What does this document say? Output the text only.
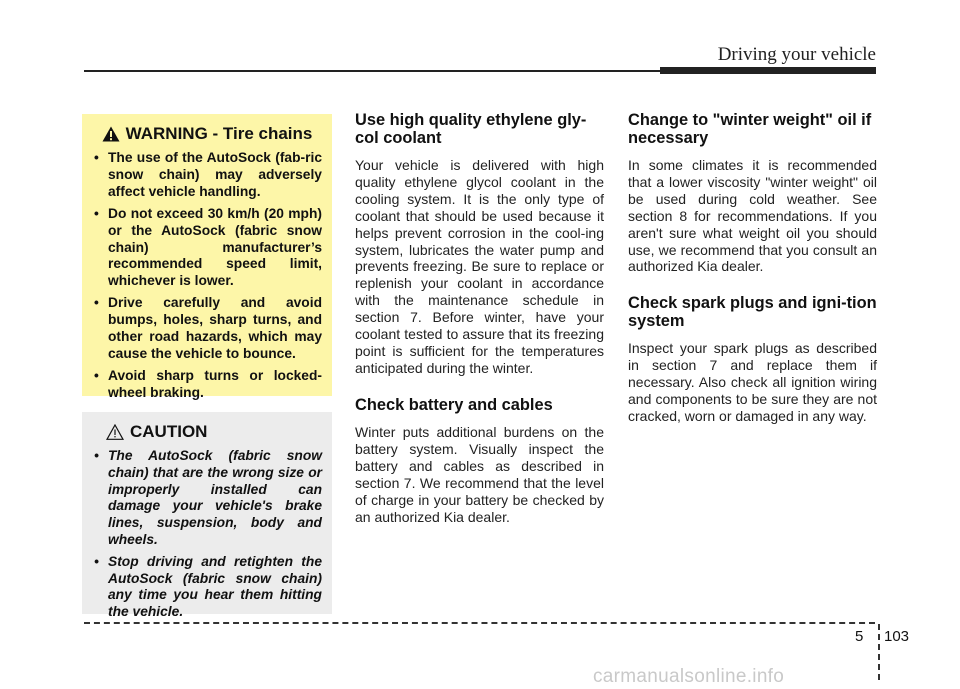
Driving your vehicle
WARNING - Tire chains
• The use of the AutoSock (fab-ric snow chain) may adversely affect vehicle handling.
• Do not exceed 30 km/h (20 mph) or the AutoSock (fabric snow chain) manufacturer’s recommended speed limit, whichever is lower.
• Drive carefully and avoid bumps, holes, sharp turns, and other road hazards, which may cause the vehicle to bounce.
• Avoid sharp turns or locked-wheel braking.
CAUTION
• The AutoSock (fabric snow chain) that are the wrong size or improperly installed can damage your vehicle's brake lines, suspension, body and wheels.
• Stop driving and retighten the AutoSock (fabric snow chain) any time you hear them hitting the vehicle.
Use high quality ethylene gly-col coolant

Your vehicle is delivered with high quality ethylene glycol coolant in the cooling system. It is the only type of coolant that should be used because it helps prevent corrosion in the cool-ing system, lubricates the water pump and prevents freezing. Be sure to replace or replenish your coolant in accordance with the maintenance schedule in section 7. Before winter, have your coolant tested to assure that its freezing point is sufficient for the temperatures anticipated during the winter.

Check battery and cables

Winter puts additional burdens on the battery system. Visually inspect the battery and cables as described in section 7. We recommend that the level of charge in your battery be checked by an authorized Kia dealer.

Change to "winter weight" oil if necessary

In some climates it is recommended that a lower viscosity "winter weight" oil be used during cold weather. See section 8 for recommendations. If you aren't sure what weight oil you should use, we recommend that you consult an authorized Kia dealer.

Check spark plugs and igni-tion system

Inspect your spark plugs as described in section 7 and replace them if necessary. Also check all ignition wiring and components to be sure they are not cracked, worn or damaged in any way.

5 103
carmanualsonline.info
